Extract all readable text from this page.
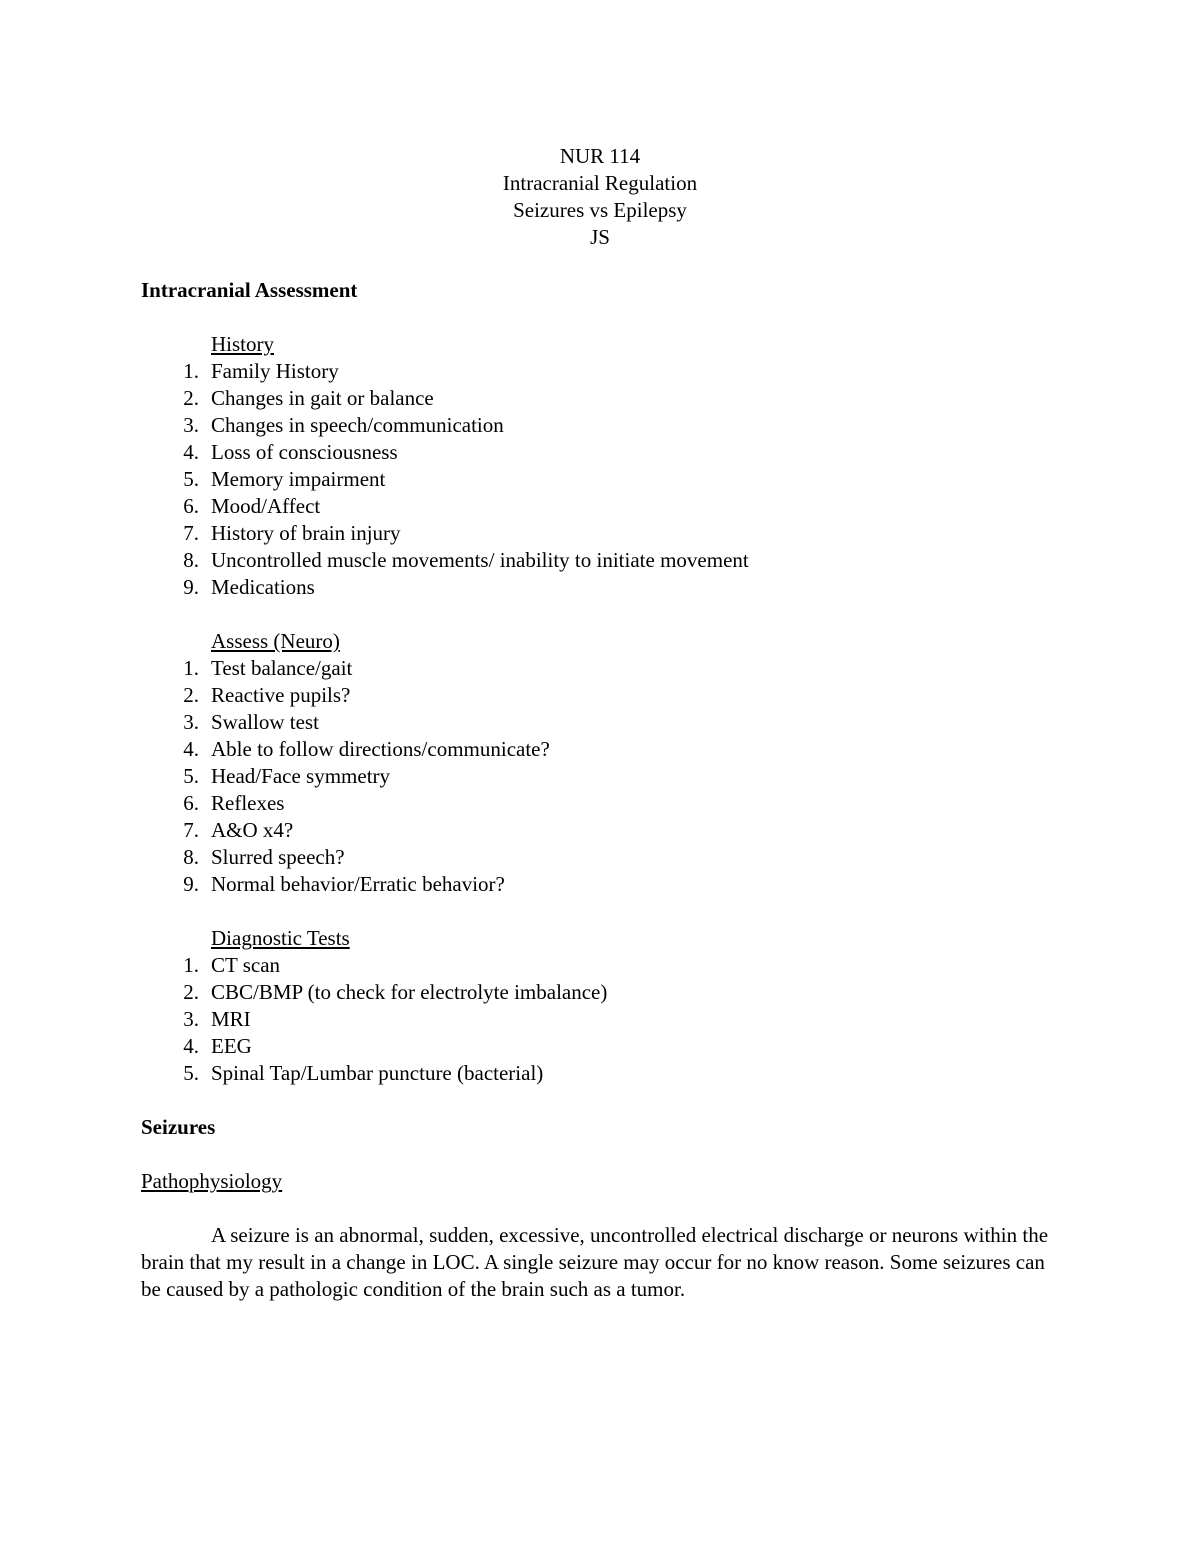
NUR 114
Intracranial Regulation
Seizures vs Epilepsy
JS
Intracranial Assessment
History
1. Family History
2. Changes in gait or balance
3. Changes in speech/communication
4. Loss of consciousness
5. Memory impairment
6. Mood/Affect
7. History of brain injury
8. Uncontrolled muscle movements/ inability to initiate movement
9. Medications
Assess (Neuro)
1. Test balance/gait
2. Reactive pupils?
3. Swallow test
4. Able to follow directions/communicate?
5. Head/Face symmetry
6. Reflexes
7. A&O x4?
8. Slurred speech?
9. Normal behavior/Erratic behavior?
Diagnostic Tests
1. CT scan
2. CBC/BMP (to check for electrolyte imbalance)
3. MRI
4. EEG
5. Spinal Tap/Lumbar puncture (bacterial)
Seizures
Pathophysiology

A seizure is an abnormal, sudden, excessive, uncontrolled electrical discharge or neurons within the brain that my result in a change in LOC. A single seizure may occur for no know reason. Some seizures can be caused by a pathologic condition of the brain such as a tumor.
